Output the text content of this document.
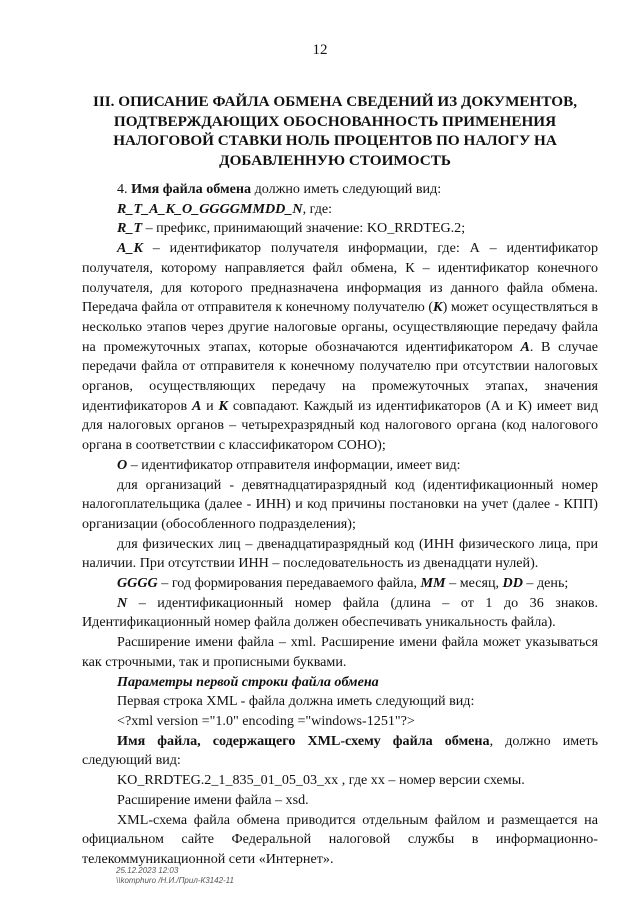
12
III. ОПИСАНИЕ ФАЙЛА ОБМЕНА СВЕДЕНИЙ ИЗ ДОКУМЕНТОВ,
ПОДТВЕРЖДАЮЩИХ ОБОСНОВАННОСТЬ ПРИМЕНЕНИЯ
НАЛОГОВОЙ СТАВКИ НОЛЬ ПРОЦЕНТОВ ПО НАЛОГУ НА
ДОБАВЛЕННУЮ СТОИМОСТЬ

4. Имя файла обмена должно иметь следующий вид:

R_T_A_K_O_GGGGMMDD_N, где:

R_T – префикс, принимающий значение: KO_RRDTEG.2;

A_K – идентификатор получателя информации, где: А – идентификатор получателя, которому направляется файл обмена, К – идентификатор конечного получателя, для которого предназначена информация из данного файла обмена. Передача файла от отправителя к конечному получателю (К) может осуществляться в несколько этапов через другие налоговые органы, осуществляющие передачу файла на промежуточных этапах, которые обозначаются идентификатором А. В случае передачи файла от отправителя к конечному получателю при отсутствии налоговых органов, осуществляющих передачу на промежуточных этапах, значения идентификаторов А и К совпадают. Каждый из идентификаторов (А и К) имеет вид для налоговых органов – четырехразрядный код налогового органа (код налогового органа в соответствии с классификатором СОНО);

О – идентификатор отправителя информации, имеет вид:

для организаций - девятнадцатиразрядный код (идентификационный номер налогоплательщика (далее - ИНН) и код причины постановки на учет (далее - КПП) организации (обособленного подразделения);

для физических лиц – двенадцатиразрядный код (ИНН физического лица, при наличии. При отсутствии ИНН – последовательность из двенадцати нулей).

GGGG – год формирования передаваемого файла, ММ – месяц, DD – день;

N – идентификационный номер файла (длина – от 1 до 36 знаков. Идентификационный номер файла должен обеспечивать уникальность файла).

Расширение имени файла – xml. Расширение имени файла может указываться как строчными, так и прописными буквами.

Параметры первой строки файла обмена

Первая строка XML - файла должна иметь следующий вид:

<?xml version ="1.0" encoding ="windows-1251"?>

Имя файла, содержащего XML-схему файла обмена, должно иметь следующий вид:

KO_RRDTEG.2_1_835_01_05_03_xx , где хх – номер версии схемы.

Расширение имени файла – xsd.

XML-схема файла обмена приводится отдельным файлом и размещается на официальном сайте Федеральной налоговой службы в информационно-телекоммуникационной сети «Интернет».

25.12.2023 12:03
\\komphuro /Н.И./Прил-К3142-11
